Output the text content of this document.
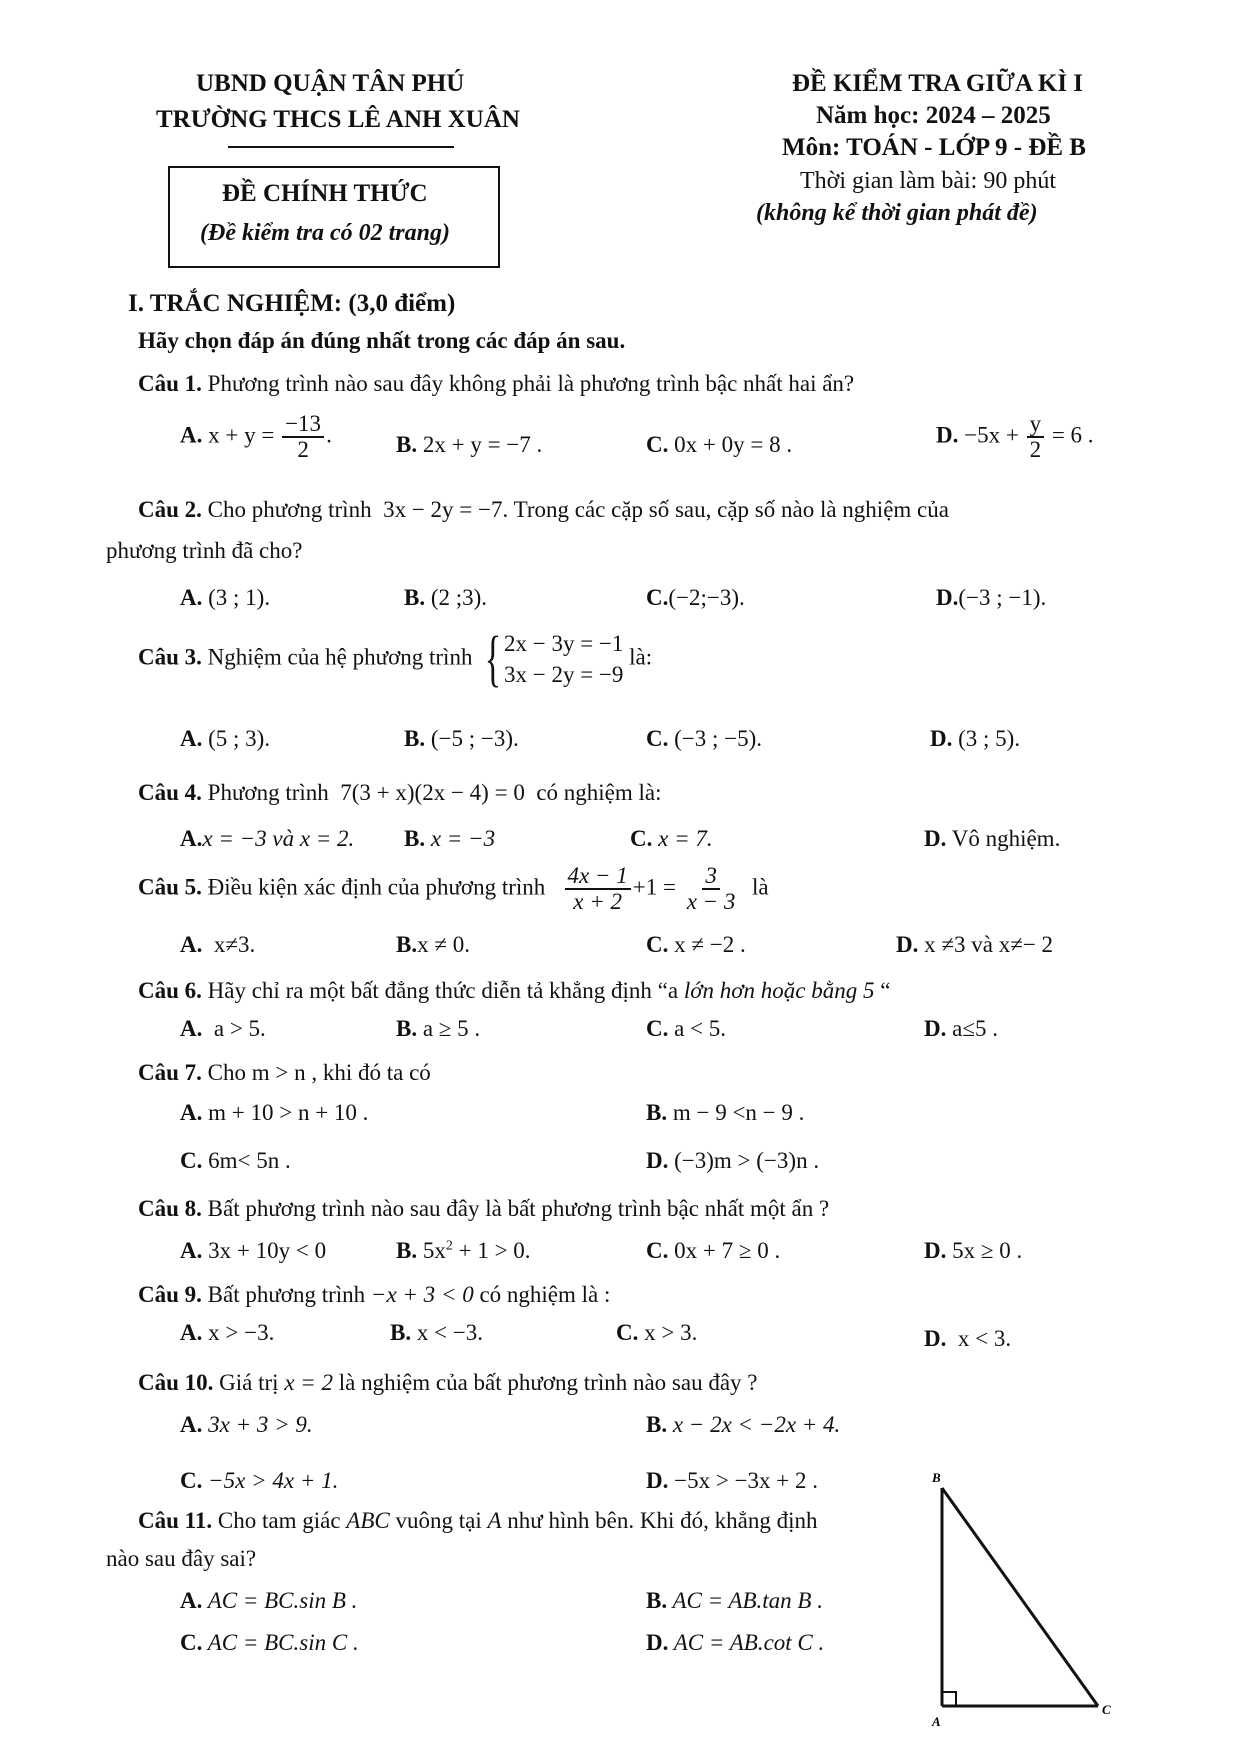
UBND QUẬN TÂN PHÚ
TRƯỜNG THCS LÊ ANH XUÂN
ĐỀ CHÍNH THỨC
(Đề kiểm tra có 02 trang)
ĐỀ KIỂM TRA GIỮA KÌ I
Năm học: 2024 – 2025
Môn: TOÁN - LỚP 9 - ĐỀ B
Thời gian làm bài: 90 phút
(không kể thời gian phát đề)
I. TRẮC NGHIỆM: (3,0 điểm)
Hãy chọn đáp án đúng nhất trong các đáp án sau.
Câu 1. Phương trình nào sau đây không phải là phương trình bậc nhất hai ẩn?
A. $x + y = \frac{-13}{2}$ .	B. 2x + y = −7 .	C. 0x + 0y = 8 .	D. $-5x + \frac{y}{2} = 6$ .
Câu 2. Cho phương trình 3x − 2y = −7. Trong các cặp số sau, cặp số nào là nghiệm của
phương trình đã cho?
A. (3 ; 1).	B. (2 ;3).	C.(−2;−3).	D.(−3 ; −1).
Câu 3. Nghiệm của hệ phương trình { 2x − 3y = −1
3x − 2y = −9
là:
A. (5 ; 3).	B. (−5 ; −3).	C. (−3 ; −5).	D. (3 ; 5).
Câu 4. Phương trình 7(3 + x)(2x − 4) = 0 có nghiệm là:
A.x = −3 và x = 2. B. x = −3	C. x = 7.	D. Vô nghiệm.
Câu 5. Điều kiện xác định của phương trình $\frac{4x - 1}{x + 2} +1 = \frac{3}{x - 3}$ là
A. x≠3.	B.x ≠ 0.	C. x ≠ −2 .	D. x ≠3 và x≠− 2
Câu 6. Hãy chỉ ra một bất đẳng thức diễn tả khẳng định “a lớn hơn hoặc bằng 5 “
A. a > 5.	B. a ≥ 5 .	C. a < 5.	D. a≤5 .
Câu 7. Cho m > n , khi đó ta có
A. m + 10 > n + 10 .	B. m − 9 <n − 9 .
C. 6m< 5n .	D. (−3)m > (−3)n .
Câu 8. Bất phương trình nào sau đây là bất phương trình bậc nhất một ẩn ?
A. 3x + 10y < 0	B. $5x^2 + 1 > 0$.	C. 0x + 7 ≥ 0 .	D. 5x ≥ 0 .
Câu 9. Bất phương trình −x + 3 < 0 có nghiệm là :
A. x > −3.	B. x < −3.	C. x > 3.	D. x < 3.
Câu 10. Giá trị x = 2 là nghiệm của bất phương trình nào sau đây ?
A. 3x + 3 > 9.	B. x − 2x < −2x + 4.
C. −5x > 4x + 1.	D. −5x > −3x + 2 .
Câu 11. Cho tam giác ABC vuông tại A như hình bên. Khi đó, khẳng định
nào sau đây sai?
A. AC = BC.sin B .	B. AC = AB.tan B .
C. AC = BC.sin C .	D. AC = AB.cot C .
B
A
C
